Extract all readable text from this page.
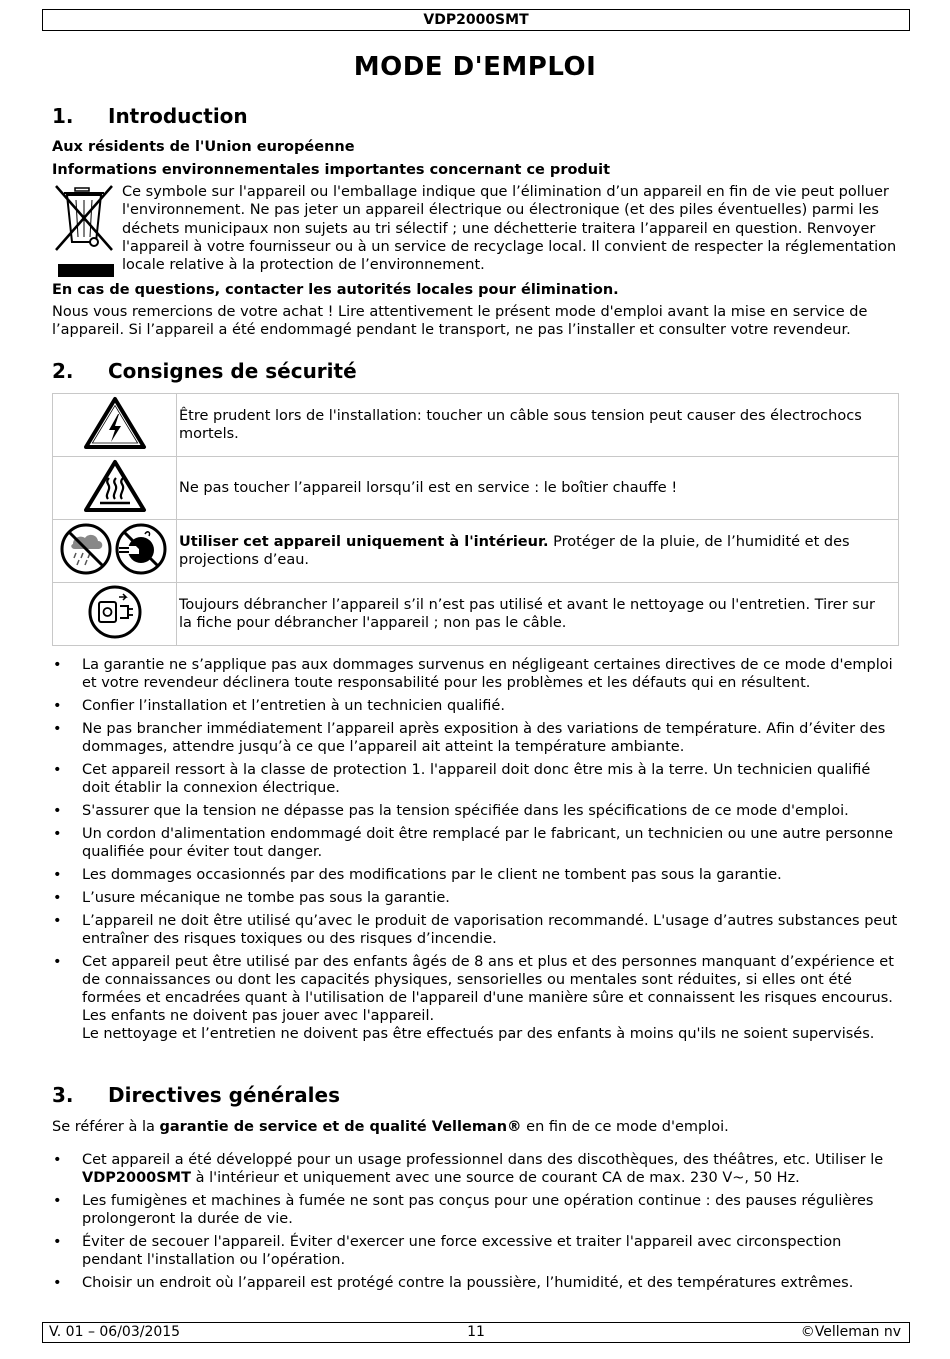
VDP2000SMT
MODE D'EMPLOI
1. Introduction
Aux résidents de l'Union européenne
Informations environnementales importantes concernant ce produit
Ce symbole sur l'appareil ou l'emballage indique que l’élimination d’un appareil en fin de vie peut polluer l'environnement. Ne pas jeter un appareil électrique ou électronique (et des piles éventuelles) parmi les déchets municipaux non sujets au tri sélectif ; une déchetterie traitera l’appareil en question. Renvoyer l'appareil à votre fournisseur ou à un service de recyclage local. Il convient de respecter la réglementation locale relative à la protection de l’environnement.
En cas de questions, contacter les autorités locales pour élimination.
Nous vous remercions de votre achat ! Lire attentivement le présent mode d'emploi avant la mise en service de l’appareil. Si l’appareil a été endommagé pendant le transport, ne pas l’installer et consulter votre revendeur.
2. Consignes de sécurité
	Être prudent lors de l'installation: toucher un câble sous tension peut causer des électrochocs mortels.
	Ne pas toucher l’appareil lorsqu’il est en service : le boîtier chauffe !
	Utiliser cet appareil uniquement à l'intérieur. Protéger de la pluie, de l’humidité et des projections d’eau.
	Toujours débrancher l’appareil s’il n’est pas utilisé et avant le nettoyage ou l'entretien. Tirer sur la fiche pour débrancher l'appareil ; non pas le câble.
• La garantie ne s’applique pas aux dommages survenus en négligeant certaines directives de ce mode d'emploi et votre revendeur déclinera toute responsabilité pour les problèmes et les défauts qui en résultent.
• Confier l’installation et l’entretien à un technicien qualifié.
• Ne pas brancher immédiatement l’appareil après exposition à des variations de température. Afin d’éviter des dommages, attendre jusqu’à ce que l’appareil ait atteint la température ambiante.
• Cet appareil ressort à la classe de protection 1. l'appareil doit donc être mis à la terre. Un technicien qualifié doit établir la connexion électrique.
• S'assurer que la tension ne dépasse pas la tension spécifiée dans les spécifications de ce mode d'emploi.
• Un cordon d'alimentation endommagé doit être remplacé par le fabricant, un technicien ou une autre personne qualifiée pour éviter tout danger.
• Les dommages occasionnés par des modifications par le client ne tombent pas sous la garantie.
• L’usure mécanique ne tombe pas sous la garantie.
• L’appareil ne doit être utilisé qu’avec le produit de vaporisation recommandé. L'usage d’autres substances peut entraîner des risques toxiques ou des risques d’incendie.
• Cet appareil peut être utilisé par des enfants âgés de 8 ans et plus et des personnes manquant d’expérience et de connaissances ou dont les capacités physiques, sensorielles ou mentales sont réduites, si elles ont été formées et encadrées quant à l'utilisation de l'appareil d'une manière sûre et connaissent les risques encourus. Les enfants ne doivent pas jouer avec l'appareil.
Le nettoyage et l’entretien ne doivent pas être effectués par des enfants à moins qu'ils ne soient supervisés.
3. Directives générales
Se référer à la garantie de service et de qualité Velleman® en fin de ce mode d'emploi.
• Cet appareil a été développé pour un usage professionnel dans des discothèques, des théâtres, etc. Utiliser le VDP2000SMT à l'intérieur et uniquement avec une source de courant CA de max. 230 V~, 50 Hz.
• Les fumigènes et machines à fumée ne sont pas conçus pour une opération continue : des pauses régulières prolongeront la durée de vie.
• Éviter de secouer l'appareil. Éviter d'exercer une force excessive et traiter l'appareil avec circonspection pendant l'installation ou l’opération.
• Choisir un endroit où l’appareil est protégé contre la poussière, l’humidité, et des températures extrêmes.
V. 01 – 06/03/2015	11	©Velleman nv
